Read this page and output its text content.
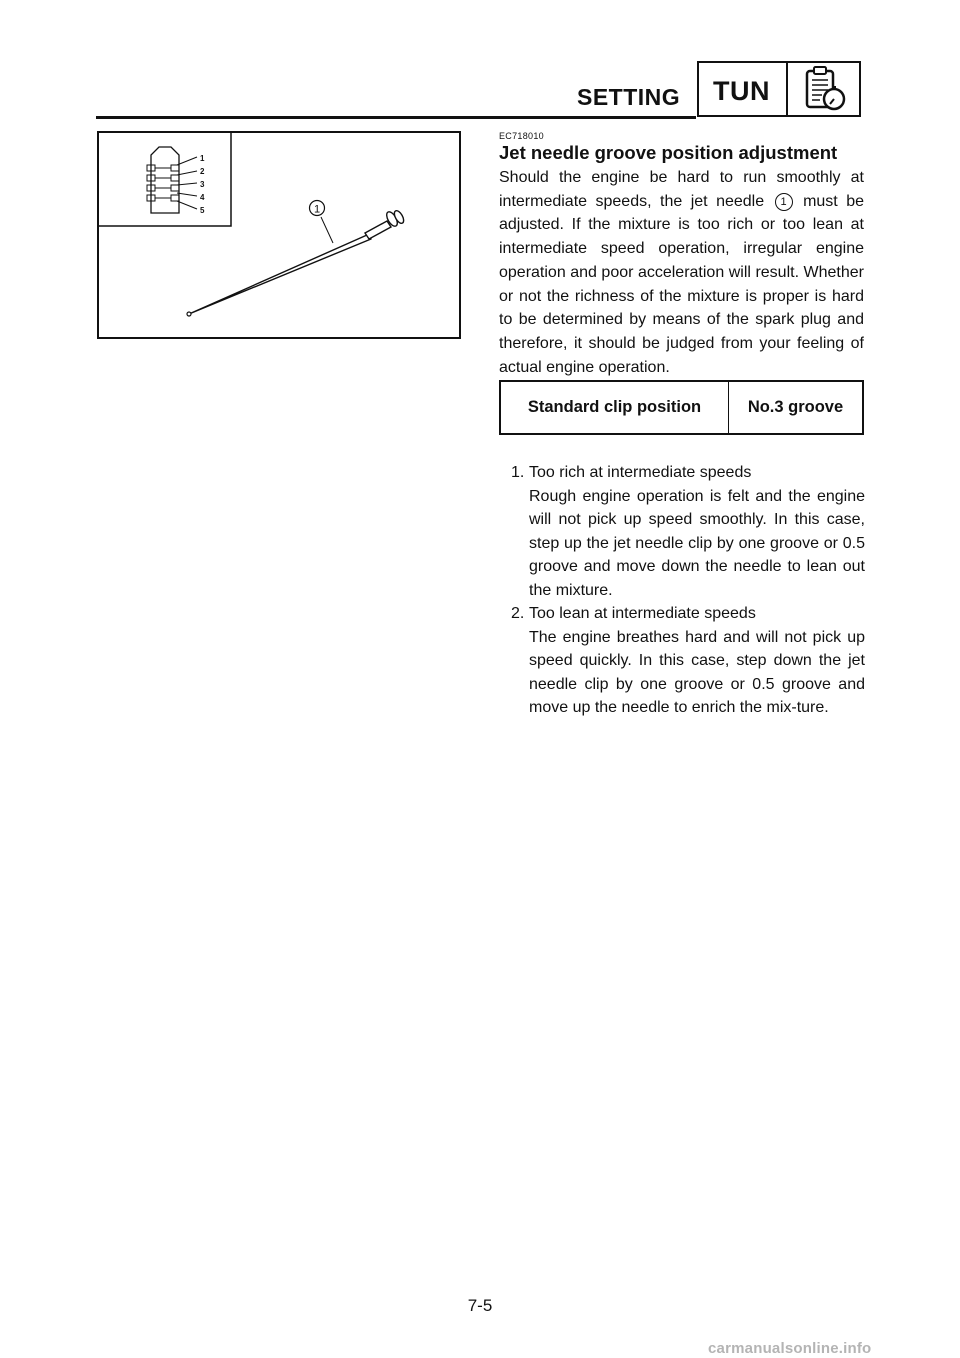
SETTING TUN
1
2
3
4
5	1
EC718010
Jet needle groove position adjustment
Should the engine be hard to run smoothly at intermediate speeds, the jet needle 1 must be adjusted. If the mixture is too rich or too lean at intermediate speed operation, irregular engine operation and poor acceleration will result. Whether or not the richness of the mixture is proper is hard to be determined by means of the spark plug and therefore, it should be judged from your feeling of actual engine operation.
Standard clip position	No.3 groove
1. Too rich at intermediate speeds
Rough engine operation is felt and the engine will not pick up speed smoothly. In this case, step up the jet needle clip by one groove or 0.5 groove and move down the needle to lean out the mixture.
2. Too lean at intermediate speeds
The engine breathes hard and will not pick up speed quickly. In this case, step down the jet needle clip by one groove or 0.5 groove and move up the needle to enrich the mix-ture.
7-5
carmanualsonline.info
